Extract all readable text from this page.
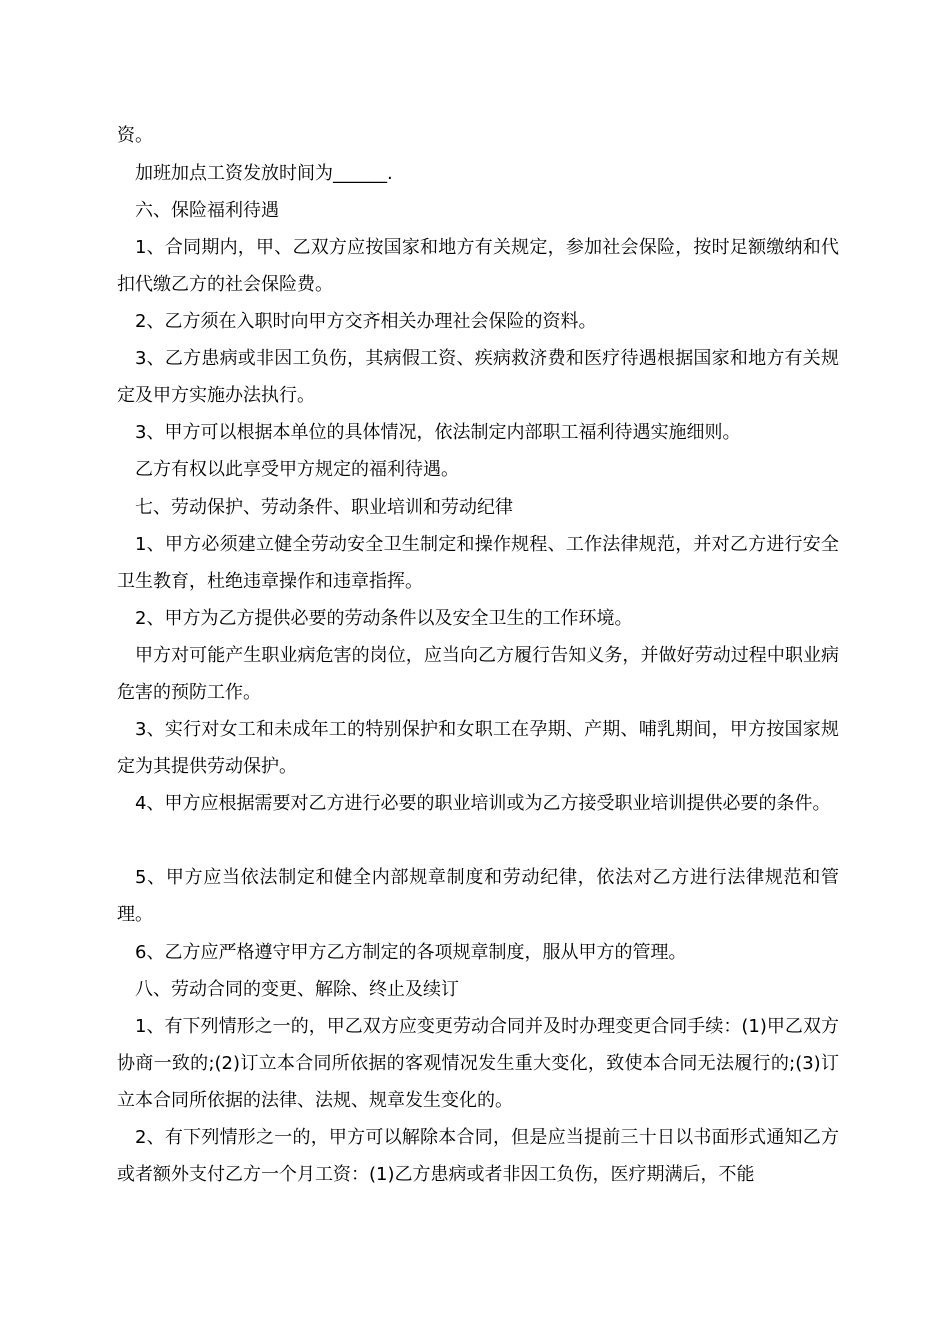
资。

加班加点工资发放时间为______.

六、保险福利待遇

1、合同期内，甲、乙双方应按国家和地方有关规定，参加社会保险，按时足额缴纳和代扣代缴乙方的社会保险费。

2、乙方须在入职时向甲方交齐相关办理社会保险的资料。

3、乙方患病或非因工负伤，其病假工资、疾病救济费和医疗待遇根据国家和地方有关规定及甲方实施办法执行。

3、甲方可以根据本单位的具体情况，依法制定内部职工福利待遇实施细则。

乙方有权以此享受甲方规定的福利待遇。

七、劳动保护、劳动条件、职业培训和劳动纪律

1、甲方必须建立健全劳动安全卫生制定和操作规程、工作法律规范，并对乙方进行安全卫生教育，杜绝违章操作和违章指挥。

2、甲方为乙方提供必要的劳动条件以及安全卫生的工作环境。

甲方对可能产生职业病危害的岗位，应当向乙方履行告知义务，并做好劳动过程中职业病危害的预防工作。

3、实行对女工和未成年工的特别保护和女职工在孕期、产期、哺乳期间，甲方按国家规定为其提供劳动保护。

4、甲方应根据需要对乙方进行必要的职业培训或为乙方接受职业培训提供必要的条件。

5、甲方应当依法制定和健全内部规章制度和劳动纪律，依法对乙方进行法律规范和管理。

6、乙方应严格遵守甲方乙方制定的各项规章制度，服从甲方的管理。

八、劳动合同的变更、解除、终止及续订

1、有下列情形之一的，甲乙双方应变更劳动合同并及时办理变更合同手续：(1)甲乙双方协商一致的;(2)订立本合同所依据的客观情况发生重大变化，致使本合同无法履行的;(3)订立本合同所依据的法律、法规、规章发生变化的。

2、有下列情形之一的，甲方可以解除本合同，但是应当提前三十日以书面形式通知乙方或者额外支付乙方一个月工资：(1)乙方患病或者非因工负伤，医疗期满后，不能
